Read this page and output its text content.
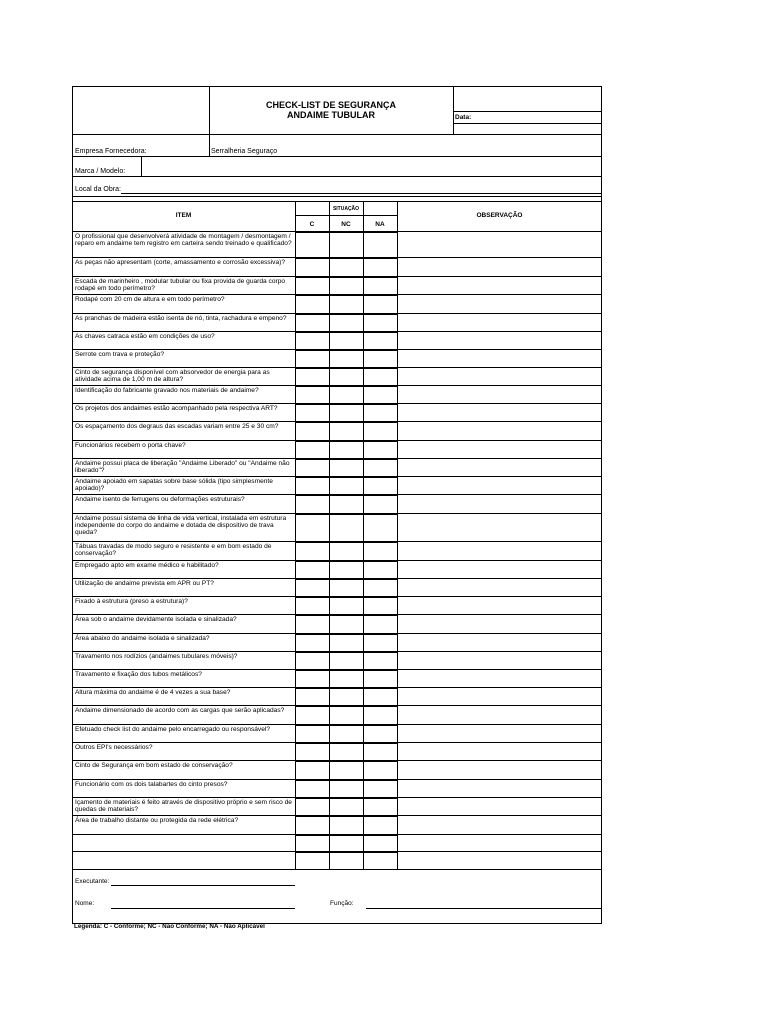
CHECK-LIST DE SEGURANÇA
ANDAIME TUBULAR	Data:
Empresa Fornecedora:	Serralheria Seguraço
Marca / Modelo:
Local da Obra:
ITEM
SITUAÇÃO
C	NC	NA
OBSERVAÇÃO
O profissional que desenvolverá atividade de montagem / desmontagem / reparo em andaime tem registro em carteira sendo treinado e qualificado?
As peças não apresentam (corte, amassamento e corrosão excessiva)?
Escada de marinheiro , modular tubular ou fixa provida de guarda corpo rodapé em todo perímetro?
Rodapé com 20 cm de altura e em todo perímetro?
As pranchas de madeira estão isenta de nó, tinta, rachadura e empeno?
As chaves catraca estão em condições de uso?
Serrote com trava e proteção?
Cinto de segurança disponível com absorvedor de energia para as atividade acima de 1,00 m de altura?
Identificação do fabricante gravado nos materiais de andaime?
Os projetos dos andaimes estão acompanhado pela respectiva ART?
Os espaçamento dos degraus das escadas variam entre 25 e 30 cm?
Funcionários recebem o porta chave?
Andaime possui placa de liberação "Andaime Liberado" ou "Andaime não liberado"?
Andaime apoiado em sapatas sobre base sólida (tipo simplesmente apoiado)?
Andaime isento de ferrugens ou deformações estruturais?
Andaime possui sistema de linha de vida vertical, instalada em estrutura independente do corpo do andaime e dotada de dispositivo de trava queda?
Tábuas travadas de modo seguro e resistente e em bom estado de conservação?
Empregado apto em exame médico e habilitado?
Utilização de andaime prevista em APR ou PT?
Fixado à estrutura (preso a estrutura)?
Área sob o andaime devidamente isolada e sinalizada?
Área abaixo do andaime isolada e sinalizada?
Travamento nos rodízios (andaimes tubulares móveis)?
Travamento e fixação dos tubos metálicos?
Altura máxima do andaime é de 4 vezes a sua base?
Andaime dimensionado de acordo com as cargas que serão aplicadas?
Efetuado check list do andaime pelo encarregado ou responsável?
Outros EPI's necessários?
Cinto de Segurança em bom estado de conservação?
Funcionário com os dois talabartes do cinto presos?
Içamento de materiais é feito através de dispositivo próprio e sem risco de quedas de materiais?
Área de trabalho distante ou protegida da rede elétrica?
Executante:
Nome:	Função:
Legenda: C - Conforme; NC - Não Conforme; NA - Não Aplicável
